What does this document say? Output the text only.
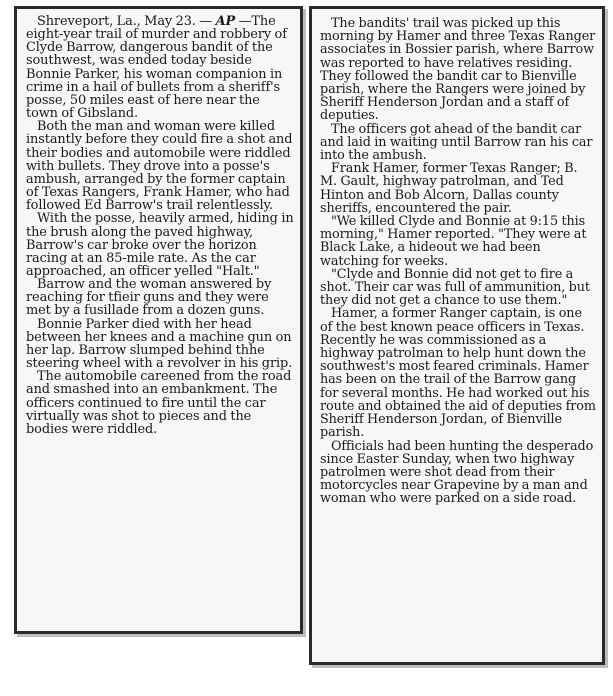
Shreveport, La., May 23. — AP —The eight-year trail of murder and robbery of Clyde Barrow, dangerous bandit of the southwest, was ended today beside Bonnie Parker, his woman companion in crime in a hail of bullets from a sheriff's posse, 50 miles east of here near the town of Gibsland.

Both the man and woman were killed instantly before they could fire a shot and their bodies and automobile were riddled with bullets. They drove into a posse's ambush, arranged by the former captain of Texas Rangers, Frank Hamer, who had followed Ed Barrow's trail relentlessly.

With the posse, heavily armed, hiding in the brush along the paved highway, Barrow's car broke over the horizon racing at an 85-mile rate. As the car approached, an officer yelled "Halt."

Barrow and the woman answered by reaching for tfieir guns and they were met by a fusillade from a dozen guns.

Bonnie Parker died with her head between her knees and a machine gun on her lap. Barrow slumped behind thhe steering wheel with a revolver in his grip.

The automobile careened from the road and smashed into an embankment. The officers continued to fire until the car virtually was shot to pieces and the bodies were riddled.

The bandits' trail was picked up this morning by Hamer and three Texas Ranger associates in Bossier parish, where Barrow was reported to have relatives residing. They followed the bandit car to Bienville parish, where the Rangers were joined by Sheriff Henderson Jordan and a staff of deputies.

The officers got ahead of the bandit car and laid in waiting until Barrow ran his car into the ambush.

Frank Hamer, former Texas Ranger; B. M. Gault, highway patrolman, and Ted Hinton and Bob Alcorn, Dallas county sheriffs, encountered the pair.

"We killed Clyde and Bonnie at 9:15 this morning," Hamer reported. "They were at Black Lake, a hideout we had been watching for weeks.

"Clyde and Bonnie did not get to fire a shot. Their car was full of ammunition, but they did not get a chance to use them."

Hamer, a former Ranger captain, is one of the best known peace officers in Texas. Recently he was commissioned as a highway patrolman to help hunt down the southwest's most feared criminals. Hamer has been on the trail of the Barrow gang for several months. He had worked out his route and obtained the aid of deputies from Sheriff Henderson Jordan, of Bienville parish.

Officials had been hunting the desperado since Easter Sunday, when two highway patrolmen were shot dead from their motorcycles near Grapevine by a man and woman who were parked on a side road.
